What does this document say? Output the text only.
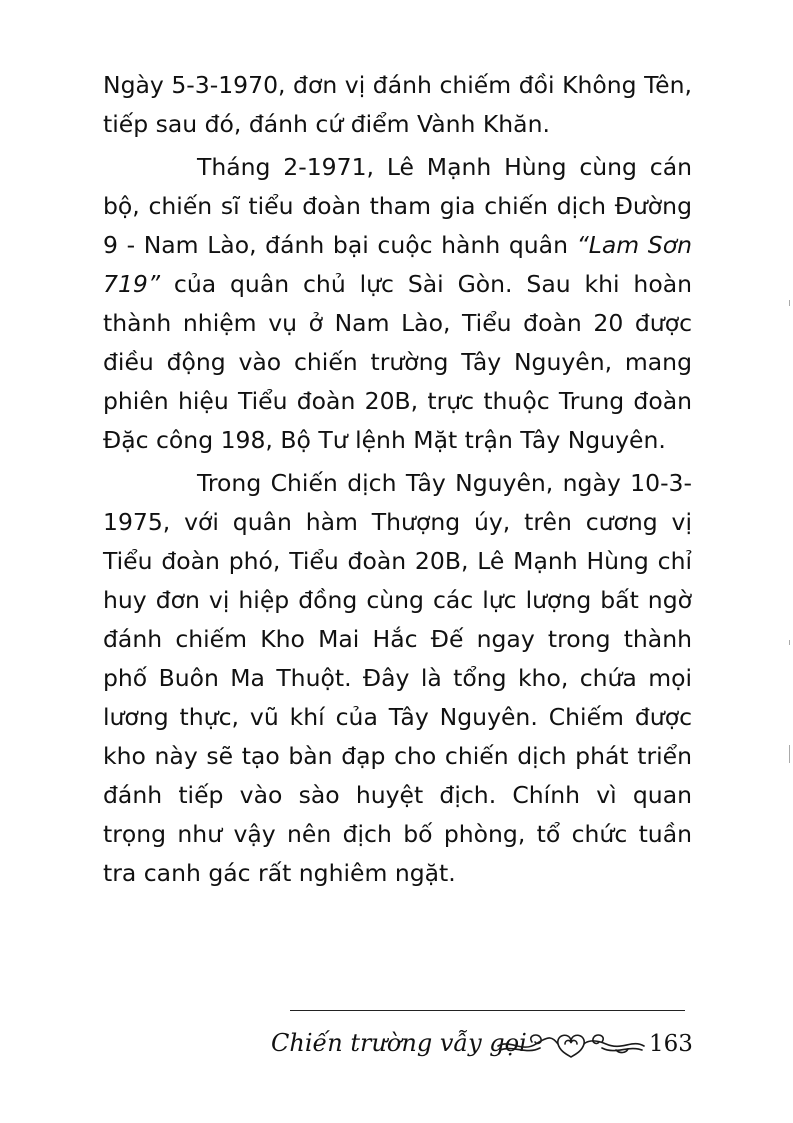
Ngày 5-3-1970, đơn vị đánh chiếm đồi Không Tên, tiếp sau đó, đánh cứ điểm Vành Khăn.

Tháng 2-1971, Lê Mạnh Hùng cùng cán bộ, chiến sĩ tiểu đoàn tham gia chiến dịch Đường 9 - Nam Lào, đánh bại cuộc hành quân “Lam Sơn 719” của quân chủ lực Sài Gòn. Sau khi hoàn thành nhiệm vụ ở Nam Lào, Tiểu đoàn 20 được điều động vào chiến trường Tây Nguyên, mang phiên hiệu Tiểu đoàn 20B, trực thuộc Trung đoàn Đặc công 198, Bộ Tư lệnh Mặt trận Tây Nguyên.

Trong Chiến dịch Tây Nguyên, ngày 10-3-1975, với quân hàm Thượng úy, trên cương vị Tiểu đoàn phó, Tiểu đoàn 20B, Lê Mạnh Hùng chỉ huy đơn vị hiệp đồng cùng các lực lượng bất ngờ đánh chiếm Kho Mai Hắc Đế ngay trong thành phố Buôn Ma Thuột. Đây là tổng kho, chứa mọi lương thực, vũ khí của Tây Nguyên. Chiếm được kho này sẽ tạo bàn đạp cho chiến dịch phát triển đánh tiếp vào sào huyệt địch. Chính vì quan trọng như vậy nên địch bố phòng, tổ chức tuần tra canh gác rất nghiêm ngặt.

Chiến trường vẫy gọi	163
